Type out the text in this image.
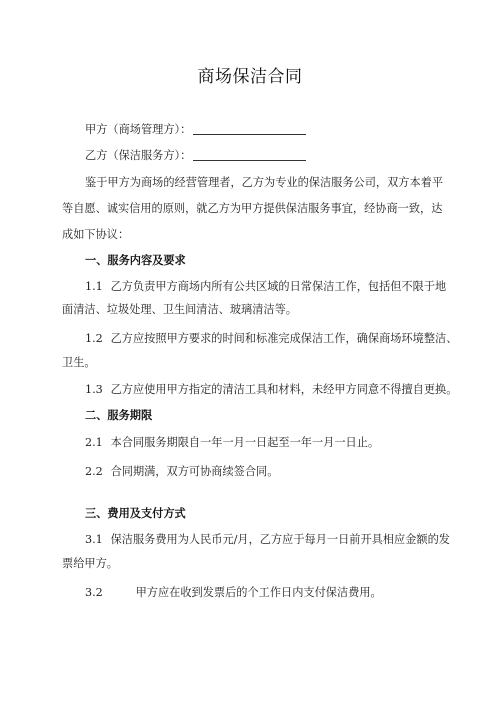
商场保洁合同
甲方（商场管理方）：
乙方（保洁服务方）：
鉴于甲方为商场的经营管理者，乙方为专业的保洁服务公司，双方本着平
等自愿、诚实信用的原则，就乙方为甲方提供保洁服务事宜，经协商一致，达
成如下协议：
一、服务内容及要求
1.1 乙方负责甲方商场内所有公共区域的日常保洁工作，包括但不限于地
面清洁、垃圾处理、卫生间清洁、玻璃清洁等。
1.2 乙方应按照甲方要求的时间和标准完成保洁工作，确保商场环境整洁、
卫生。
1.3 乙方应使用甲方指定的清洁工具和材料，未经甲方同意不得擅自更换。
二、服务期限
2.1 本合同服务期限自一年一月一日起至一年一月一日止。
2.2 合同期满，双方可协商续签合同。
三、费用及支付方式
3.1 保洁服务费用为人民币元/月，乙方应于每月一日前开具相应金额的发
票给甲方。
3.2	甲方应在收到发票后的个工作日内支付保洁费用。
